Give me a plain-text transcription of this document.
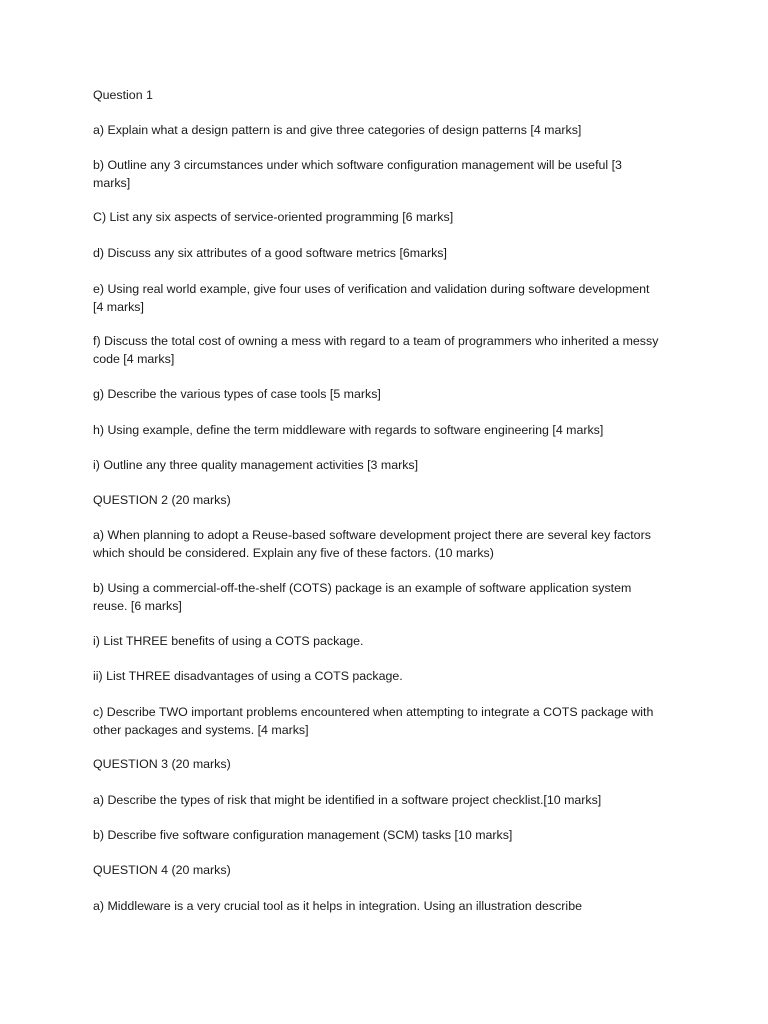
Question 1

a) Explain what a design pattern is and give three categories of design patterns [4 marks]

b) Outline any 3 circumstances under which software configuration management will be useful [3 marks]

C) List any six aspects of service-oriented programming [6 marks]

d) Discuss any six attributes of a good software metrics [6marks]

e) Using real world example, give four uses of verification and validation during software development [4 marks]

f) Discuss the total cost of owning a mess with regard to a team of programmers who inherited a messy code [4 marks]

g) Describe the various types of case tools [5 marks]

h) Using example, define the term middleware with regards to software engineering [4 marks]

i) Outline any three quality management activities [3 marks]

QUESTION 2 (20 marks)

a) When planning to adopt a Reuse-based software development project there are several key factors which should be considered. Explain any five of these factors. (10 marks)

b) Using a commercial-off-the-shelf (COTS) package is an example of software application system reuse. [6 marks]

i) List THREE benefits of using a COTS package.

ii) List THREE disadvantages of using a COTS package.

c) Describe TWO important problems encountered when attempting to integrate a COTS package with other packages and systems. [4 marks]

QUESTION 3 (20 marks)

a) Describe the types of risk that might be identified in a software project checklist.[10 marks]

b) Describe five software configuration management (SCM) tasks [10 marks]

QUESTION 4 (20 marks)

a) Middleware is a very crucial tool as it helps in integration. Using an illustration describe
